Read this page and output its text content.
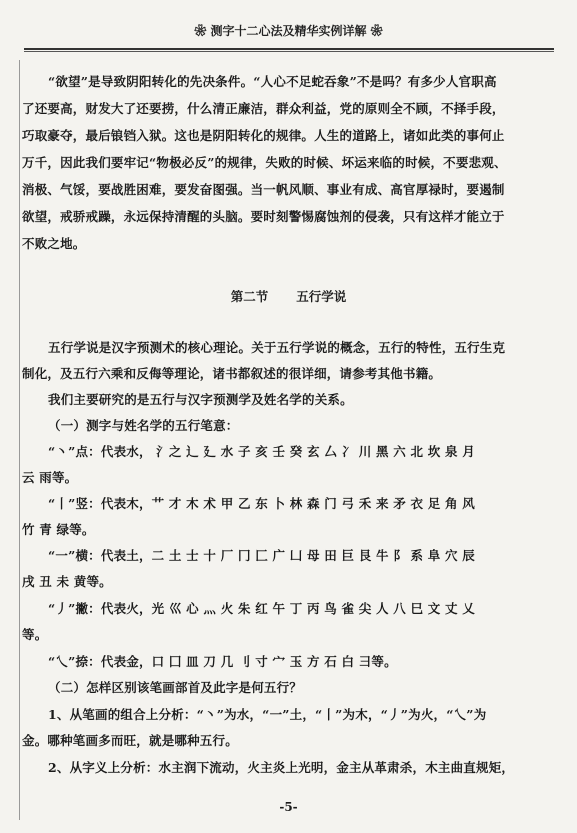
❀ 测字十二心法及精华实例详解 ❀
“欲望”是导致阴阳转化的先决条件。“人心不足蛇吞象”不是吗？有多少人官职高
了还要高，财发大了还要捞，什么清正廉洁，群众利益，党的原则全不顾，不择手段，
巧取豪夺，最后锒铛入狱。这也是阴阳转化的规律。人生的道路上，诸如此类的事何止
万千，因此我们要牢记“物极必反”的规律，失败的时候、坏运来临的时候，不要悲观、
消极、气馁，要战胜困难，要发奋图强。当一帆风顺、事业有成、高官厚禄时，要遏制
欲望，戒骄戒躁，永远保持清醒的头脑。要时刻警惕腐蚀剂的侵袭，只有这样才能立于
不败之地。
第二节 五行学说
五行学说是汉字预测术的核心理论。关于五行学说的概念，五行的特性，五行生克
制化，及五行六乘和反侮等理论，诸书都叙述的很详细，请参考其他书籍。
我们主要研究的是五行与汉字预测学及姓名学的关系。
（一）测字与姓名学的五行笔意：
“丶”点：代表水， 氵之 辶 廴 水 子 亥 壬 癸 玄 厶 冫 川 黑 六 北 坎 泉 月
云 雨等。
“丨”竖：代表木，艹 才 木 术 甲 乙 东 卜 林 森 门 弓 禾 来 矛 衣 足 角 风
竹 青 绿等。
“一”横：代表土，二 土 士 十 厂 冂 匚 广 凵 母 田 巨 艮 牛 阝 系 阜 穴 辰
戌 丑 未 黄等。
“丿”撇：代表火，光 巛 心 灬 火 朱 红 午 丁 丙 鸟 雀 尖 人 八 巳 文 丈 乂
等。
“乀”捺：代表金，口 囗 皿 刀 几 刂 寸 宀 玉 方 石 白 彐等。
（二）怎样区别该笔画部首及此字是何五行？
1、从笔画的组合上分析：“丶”为水，“一”土，“丨”为木，“丿”为火，“乀”为
金。哪种笔画多而旺，就是哪种五行。
2、从字义上分析：水主润下流动，火主炎上光明，金主从革肃杀，木主曲直规矩，
-5-
